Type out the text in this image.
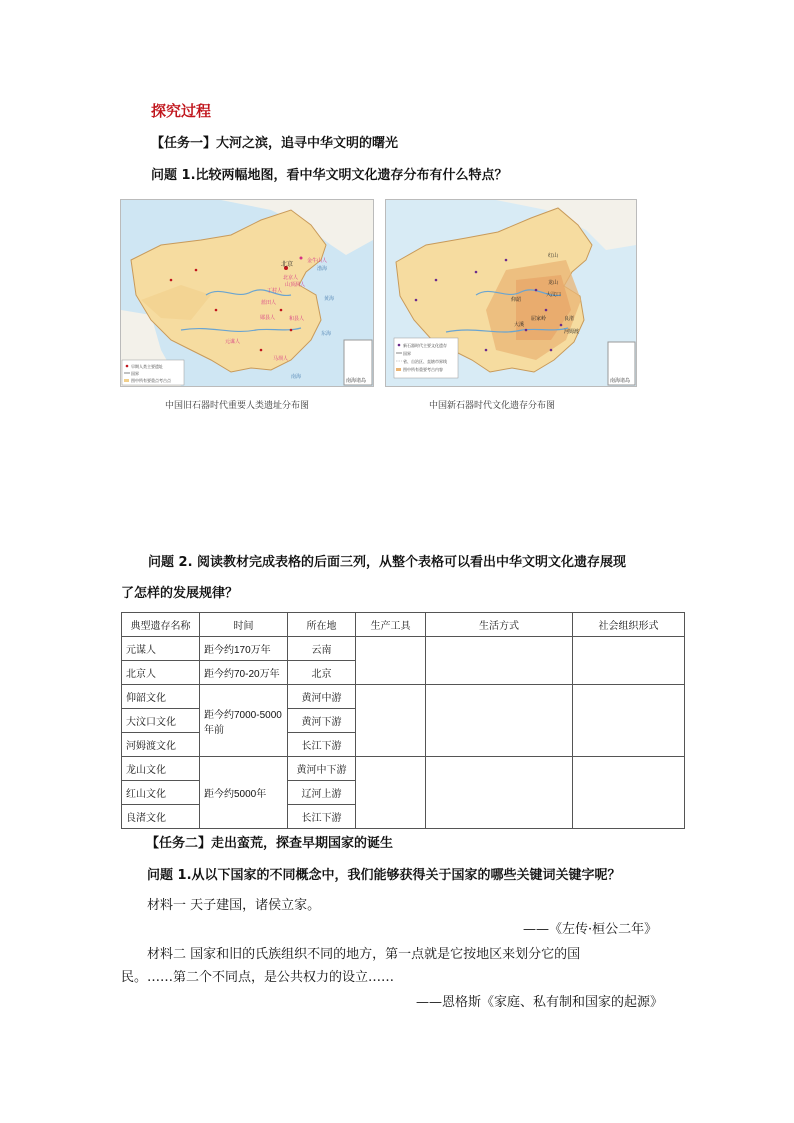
探究过程
【任务一】大河之滨，追寻中华文明的曙光
问题 1.比较两幅地图，看中华文明文化遗存分布有什么特点？
南海诸岛
北京
元谋人
北京人
丁村人
蓝田人
郧县人	和县人
马坝人
金牛山人
山顶洞人
渤海
黄海
东海
南海
早期人类主要遗址
国界
图中所有要重点考古点	南海诸岛
红山
大汶口
仰韶
龙山
河姆渡
良渚
大溪
屈家岭
新石器时代主要文化遗存
国界
省、自治区、直辖市界线
图中所有重要考古内容
中国旧石器时代重要人类遗址分布图	中国新石器时代文化遗存分布图
问题 2. 阅读教材完成表格的后面三列，从整个表格可以看出中华文明文化遗存展现
了怎样的发展规律？
典型遗存名称	时间	所在地	生产工具	生活方式	社会组织形式
元谋人	距今约170万年	云南			
北京人	距今约70-20万年	北京			
仰韶文化	距今约7000-5000年前	黄河中游			
大汶口文化		黄河下游			
河姆渡文化		长江下游			
龙山文化	距今约5000年	黄河中下游			
红山文化		辽河上游			
良渚文化		长江下游			
【任务二】走出蛮荒，探查早期国家的诞生
问题 1.从以下国家的不同概念中，我们能够获得关于国家的哪些关键词关键字呢？
材料一 天子建国，诸侯立家。
——《左传·桓公二年》
材料二 国家和旧的氏族组织不同的地方，第一点就是它按地区来划分它的国
民。……第二个不同点，是公共权力的设立……
——恩格斯《家庭、私有制和国家的起源》
